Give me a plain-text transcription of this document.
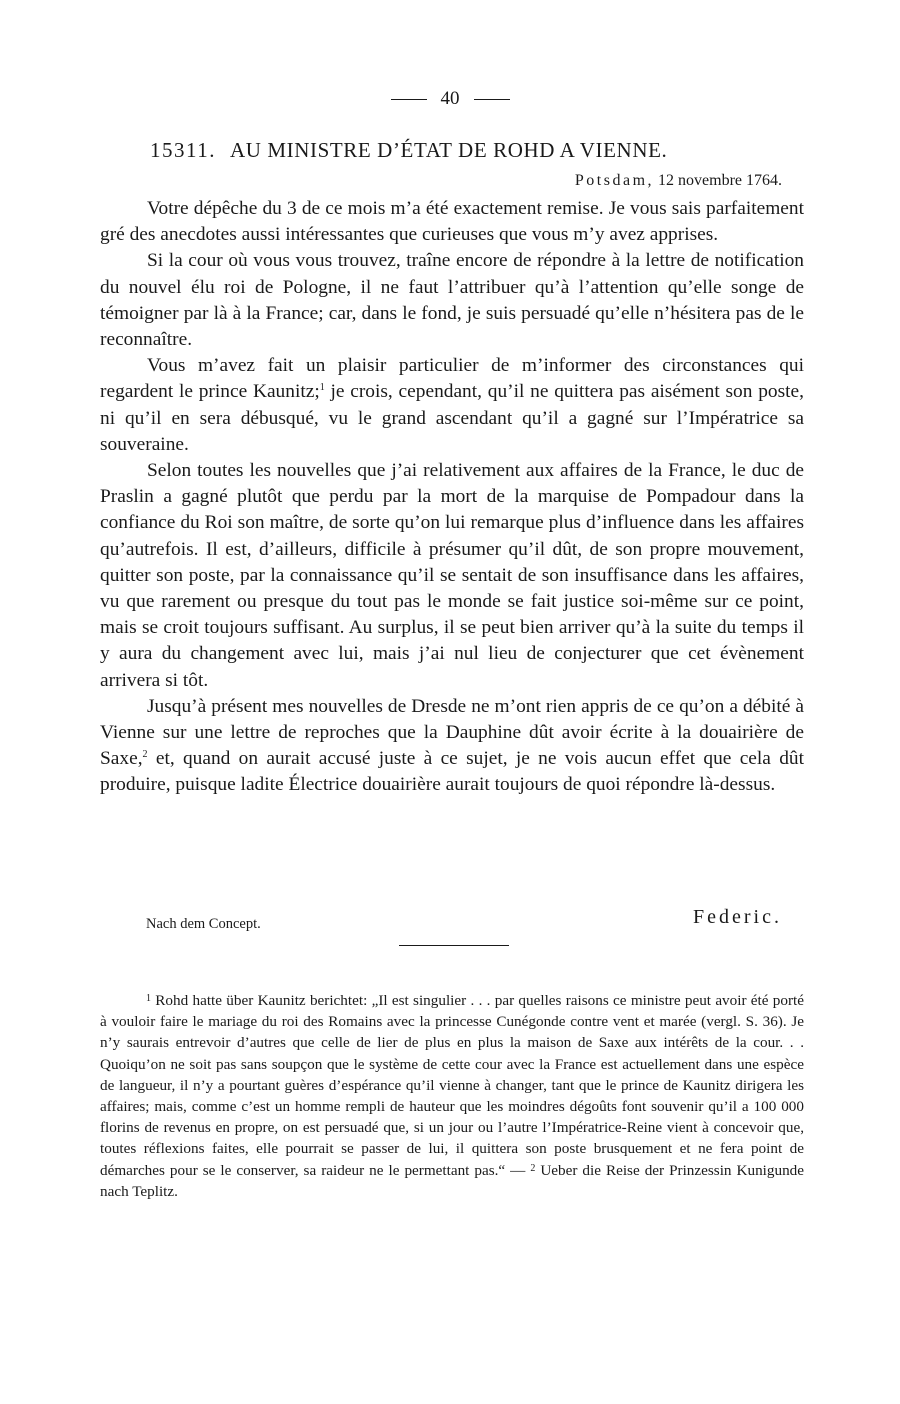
40
15311. AU MINISTRE D’ÉTAT DE ROHD A VIENNE.
Potsdam, 12 novembre 1764.

Votre dépêche du 3 de ce mois m’a été exactement remise. Je vous sais parfaitement gré des anecdotes aussi intéressantes que curieuses que vous m’y avez apprises.

Si la cour où vous vous trouvez, traîne encore de répondre à la lettre de notification du nouvel élu roi de Pologne, il ne faut l’attribuer qu’à l’attention qu’elle songe de témoigner par là à la France; car, dans le fond, je suis persuadé qu’elle n’hésitera pas de le reconnaître.

Vous m’avez fait un plaisir particulier de m’informer des circonstances qui regardent le prince Kaunitz;$^1$ je crois, cependant, qu’il ne quittera pas aisément son poste, ni qu’il en sera débusqué, vu le grand ascendant qu’il a gagné sur l’Impératrice sa souveraine.

Selon toutes les nouvelles que j’ai relativement aux affaires de la France, le duc de Praslin a gagné plutôt que perdu par la mort de la marquise de Pompadour dans la confiance du Roi son maître, de sorte qu’on lui remarque plus d’influence dans les affaires qu’autrefois. Il est, d’ailleurs, difficile à présumer qu’il dût, de son propre mouvement, quitter son poste, par la connaissance qu’il se sentait de son insuffisance dans les affaires, vu que rarement ou presque du tout pas le monde se fait justice soi-même sur ce point, mais se croit toujours suffisant. Au surplus, il se peut bien arriver qu’à la suite du temps il y aura du changement avec lui, mais j’ai nul lieu de conjecturer que cet évènement arrivera si tôt.

Jusqu’à présent mes nouvelles de Dresde ne m’ont rien appris de ce qu’on a débité à Vienne sur une lettre de reproches que la Dauphine dût avoir écrite à la douairière de Saxe,$^2$ et, quand on aurait accusé juste à ce sujet, je ne vois aucun effet que cela dût produire, puisque ladite Électrice douairière aurait toujours de quoi répondre là-dessus.

Nach dem Concept.	Federic.

$^1$ Rohd hatte über Kaunitz berichtet: „Il est singulier . . . par quelles raisons ce ministre peut avoir été porté à vouloir faire le mariage du roi des Romains avec la princesse Cunégonde contre vent et marée (vergl. S. 36). Je n’y saurais entrevoir d’autres que celle de lier de plus en plus la maison de Saxe aux intérêts de la cour. . . Quoiqu’on ne soit pas sans soupçon que le système de cette cour avec la France est actuellement dans une espèce de langueur, il n’y a pourtant guères d’espérance qu’il vienne à changer, tant que le prince de Kaunitz dirigera les affaires; mais, comme c’est un homme rempli de hauteur que les moindres dégoûts font souvenir qu’il a 100 000 florins de revenus en propre, on est persuadé que, si un jour ou l’autre l’Impératrice-Reine vient à concevoir que, toutes réflexions faites, elle pourrait se passer de lui, il quittera son poste brusquement et ne fera point de démarches pour se le conserver, sa raideur ne le permettant pas.“ — $^2$ Ueber die Reise der Prinzessin Kunigunde nach Teplitz.
